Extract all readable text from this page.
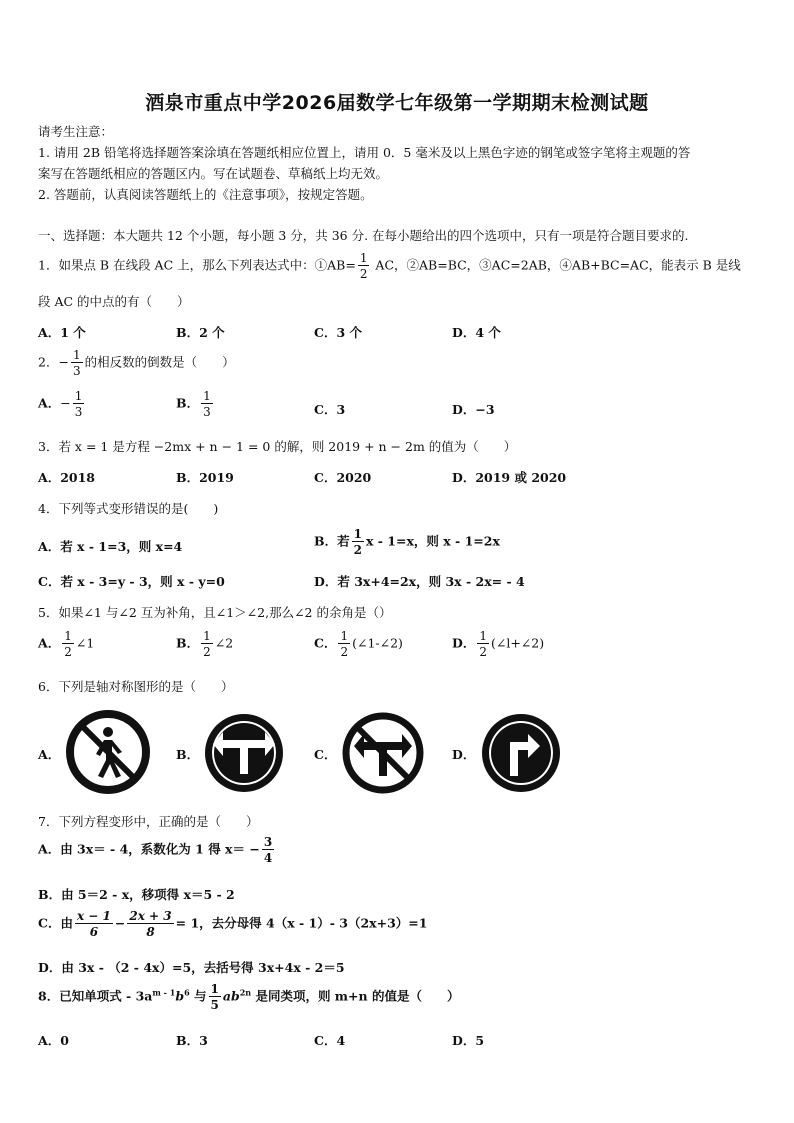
酒泉市重点中学2026届数学七年级第一学期期末检测试题
请考生注意：
1. 请用 2B 铅笔将选择题答案涂填在答题纸相应位置上，请用 0．5 毫米及以上黑色字迹的钢笔或签字笔将主观题的答
案写在答题纸相应的答题区内。写在试题卷、草稿纸上均无效。
2. 答题前，认真阅读答题纸上的《注意事项》，按规定答题。
一、选择题：本大题共 12 个小题，每小题 3 分，共 36 分. 在每小题给出的四个选项中，只有一项是符合题目要求的.
1．如果点 B 在线段 AC 上，那么下列表达式中：①AB= $\frac{1}{2}$ AC，②AB=BC，③AC=2AB，④AB+BC=AC，能表示 B 是线
段 AC 的中点的有（　　）
A．1 个	B．2 个	C．3 个	D．4 个
2．− $\frac{1}{3}$ 的相反数的倒数是（　　）
A．− $\frac{1}{3}$	B． $\frac{1}{3}$	C．3	D．−3
3．若 x = 1 是方程 −2mx + n − 1 = 0 的解，则 2019 + n − 2m 的值为（　　）
A．2018	B．2019	C．2020	D．2019 或 2020
4．下列等式变形错误的是(　　)
A．若 x - 1=3，则 x=4	B．若 $\frac{1}{2}$ x - 1=x，则 x - 1=2x
C．若 x - 3=y - 3，则 x - y=0	D．若 3x+4=2x，则 3x - 2x= - 4
5．如果∠1 与∠2 互为补角，且∠1＞∠2,那么∠2 的余角是（）
A． $\frac{1}{2}$ ∠1	B． $\frac{1}{2}$ ∠2	C． $\frac{1}{2}$ (∠1-∠2)	D． $\frac{1}{2}$ (∠l+∠2)
6．下列是轴对称图形的是（　　）
A．	B．	C．	D．
7．下列方程变形中，正确的是（　　）
A．由 3x＝ - 4，系数化为 1 得 $x= - \frac{3}{4}$
B．由 5＝2 - x，移项得 x＝5 - 2
C．由 $\frac{x - 1}{6} - \frac{2x + 3}{8} = 1$，去分母得 4（x - 1）- 3（2x+3）=1
D．由 3x - （2 - 4x）=5，去括号得 3x+4x - 2＝5
8．已知单项式 - $3a^{m - 1}b^6$ 与 $\frac{1}{5} ab^{2n}$ 是同类项，则 m+n 的值是（　　）
A．0	B．3	C．4	D．5
